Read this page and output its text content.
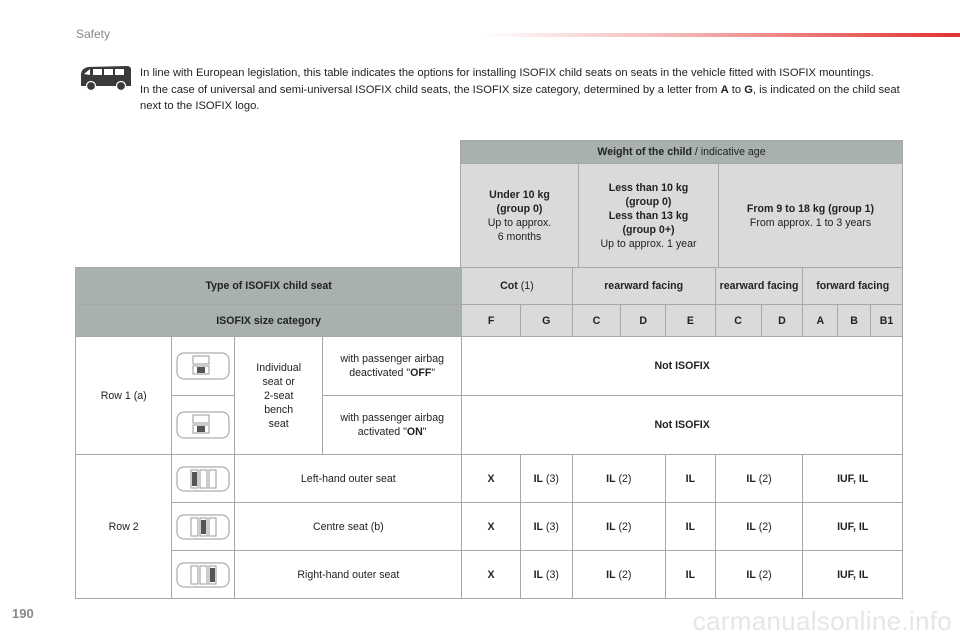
Safety

In line with European legislation, this table indicates the options for installing ISOFIX child seats on seats in the vehicle fitted with ISOFIX mountings.

In the case of universal and semi-universal ISOFIX child seats, the ISOFIX size category, determined by a letter from A to G, is indicated on the child seat next to the ISOFIX logo.

Weight of the child / indicative age
Under 10 kg
(group 0)
Up to approx.
6 months	Less than 10 kg
(group 0)
Less than 13 kg
(group 0+)
Up to approx. 1 year	From 9 to 18 kg (group 1)
From approx. 1 to 3 years
Type of ISOFIX child seat				Cot (1)		rearward facing			rearward facing		forward facing		
ISOFIX size category				F	G	C	D	E	C	D	A	B	B1
Row 1 (a)		Individual
seat or
2-seat
bench
seat	with passenger airbag
deactivated "OFF"	Not ISOFIX									
	with passenger airbag
activated "ON"	Not ISOFIX									
Row 2		Left-hand outer seat		X	IL (3)	IL (2)		IL	IL (2)		IUF, IL		
	Centre seat (b)		X	IL (3)	IL (2)		IL	IL (2)		IUF, IL		
	Right-hand outer seat		X	IL (3)	IL (2)		IL	IL (2)		IUF, IL		
190	carmanualsonline.info
